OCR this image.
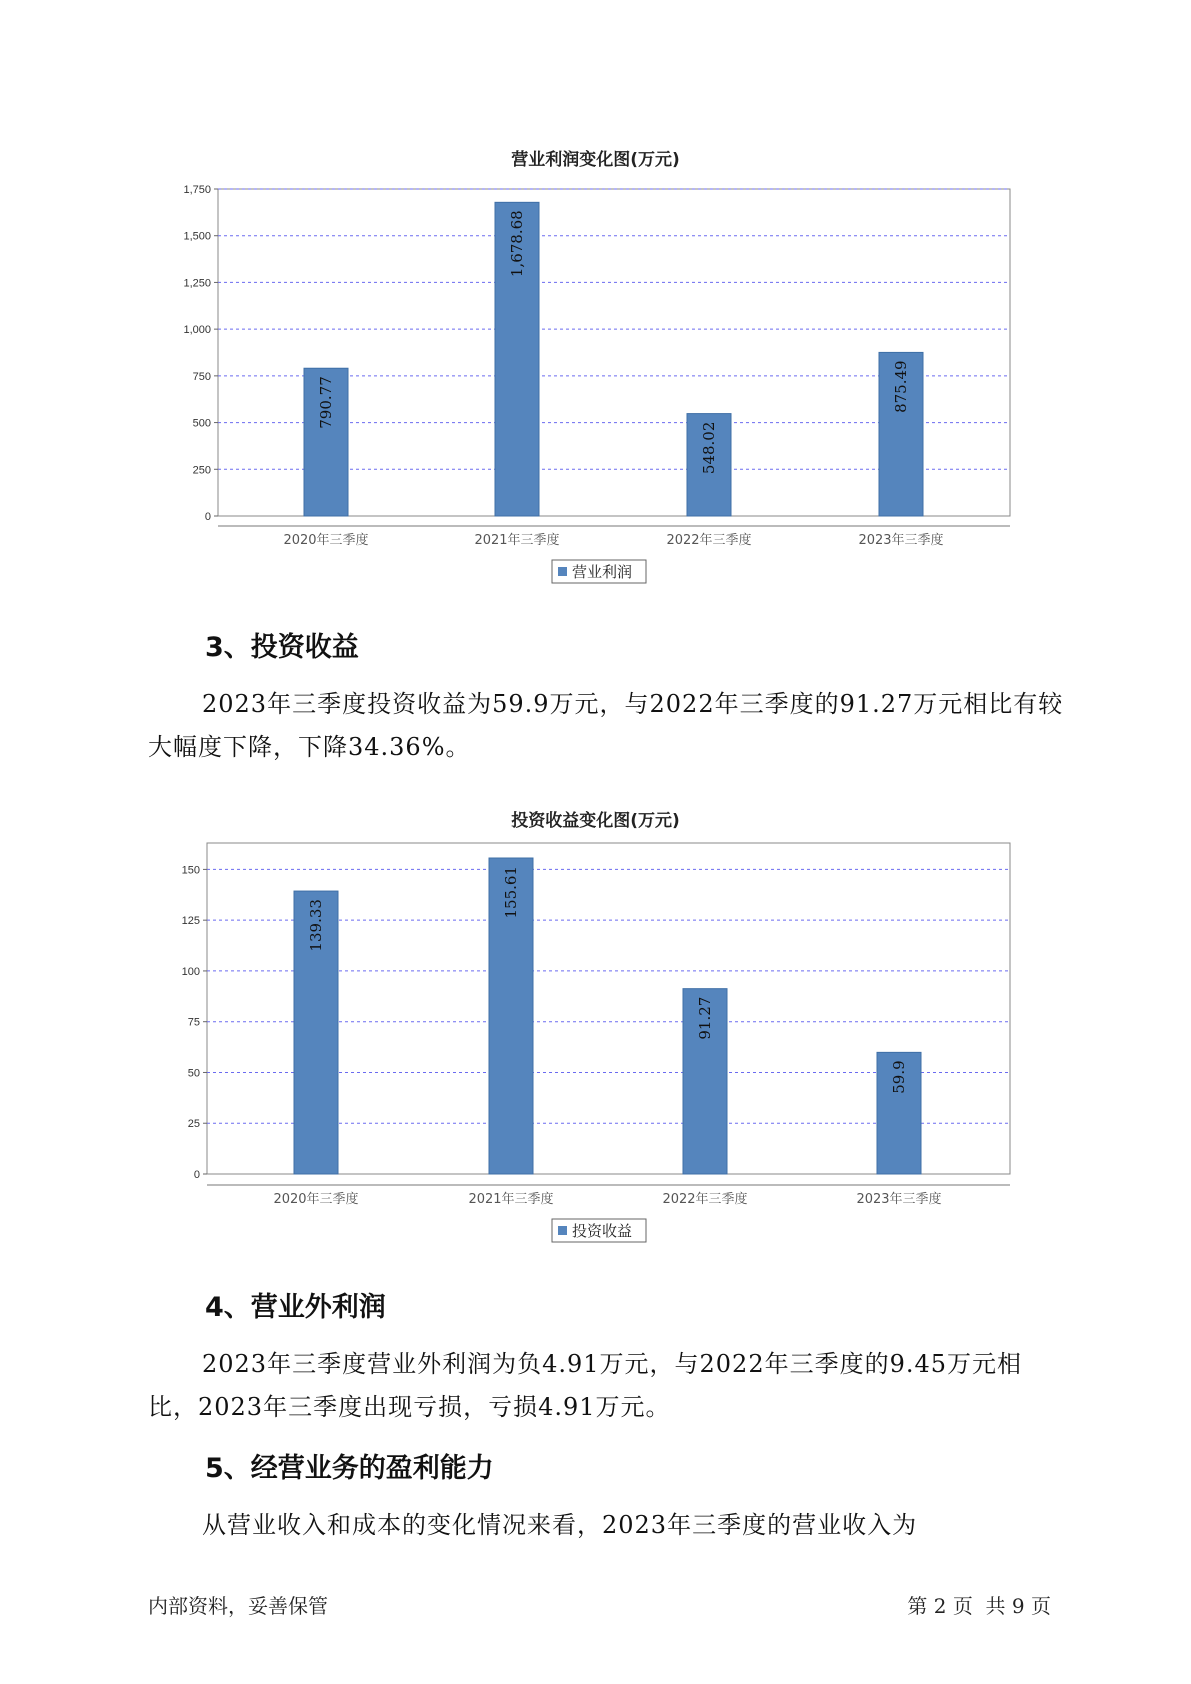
营业利润变化图(万元)
0
250
500
750
1,000
1,250
1,500
1,750
790.77
2020年三季度
1,678.68
2021年三季度
548.02
2022年三季度
875.49
2023年三季度
营业利润
3、投资收益

2023年三季度投资收益为59.9万元，与2022年三季度的91.27万元相比有较大幅度下降，下降34.36%。

投资收益变化图(万元)
0
25
50
75
100
125
150
139.33
2020年三季度
155.61
2021年三季度
91.27
2022年三季度
59.9
2023年三季度
投资收益
4、营业外利润

2023年三季度营业外利润为负4.91万元，与2022年三季度的9.45万元相比，2023年三季度出现亏损，亏损4.91万元。

5、经营业务的盈利能力

从营业收入和成本的变化情况来看，2023年三季度的营业收入为

内部资料，妥善保管	第 2 页  共 9 页
